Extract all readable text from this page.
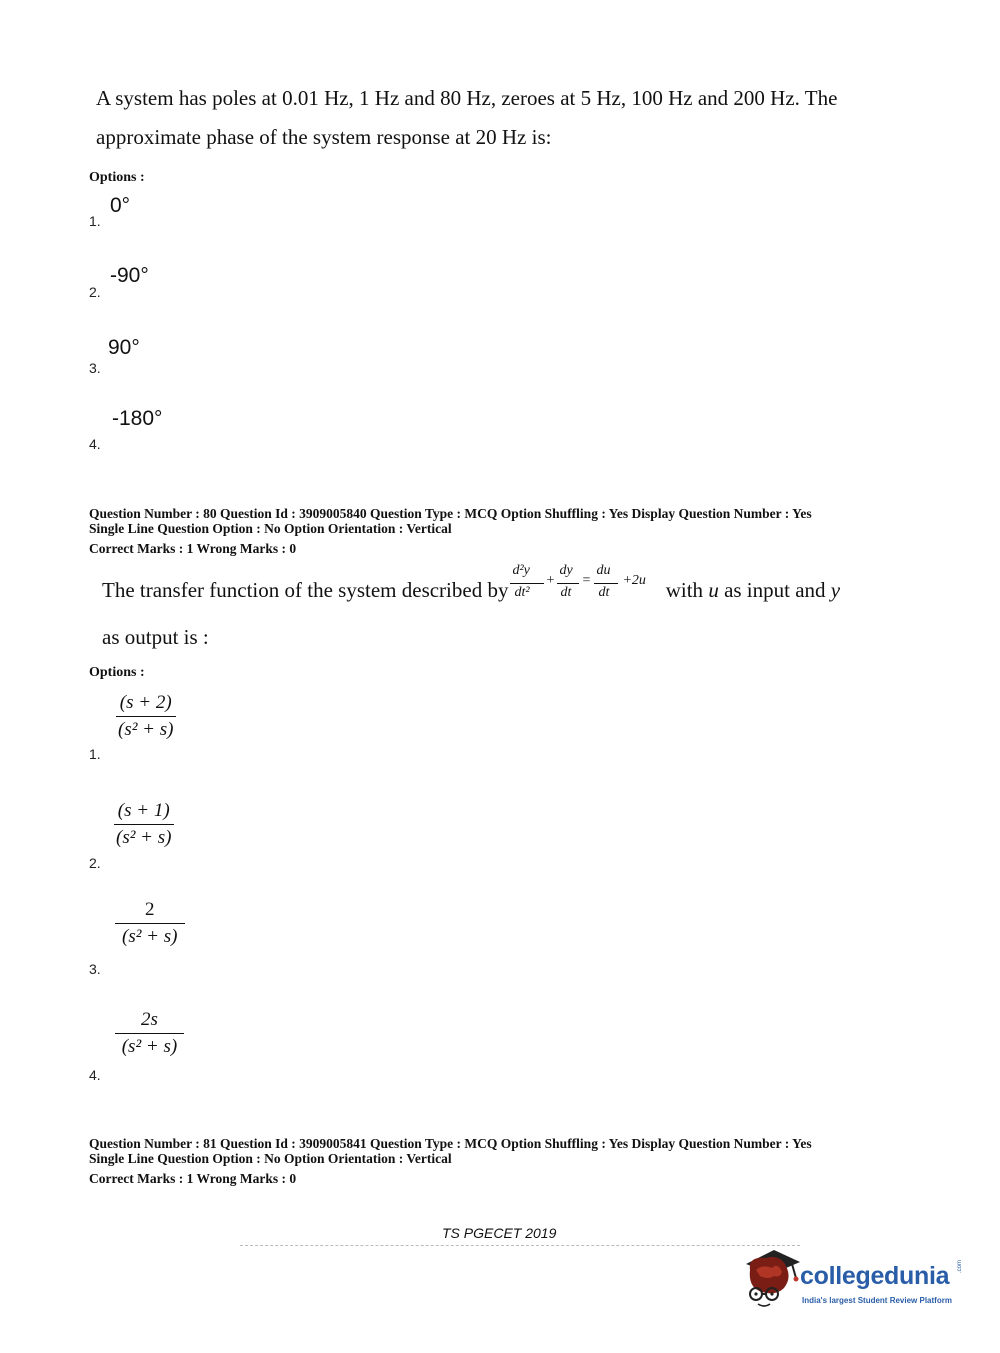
A system has poles at 0.01 Hz, 1 Hz and 80 Hz, zeroes at 5 Hz, 100 Hz and 200 Hz. The
approximate phase of the system response at 20 Hz is:
Options :
0°
1.
-90°
2.
90°
3.
-180°
4.
Question Number : 80 Question Id : 3909005840 Question Type : MCQ Option Shuffling : Yes Display Question Number : Yes
Single Line Question Option : No Option Orientation : Vertical
Correct Marks : 1 Wrong Marks : 0
The transfer function of the system described by
d²y
dt²
+
dy
dt
=
du
dt
+2u with u as input and y
as output is :
Options :
$\frac{(s + 2)}{\text{(s² + s)}}$
1.
$\frac{(s + 1)}{\text{(s² + s)}}$
2.
$\frac{2}{\text{(s² + s)}}$
3.
$\frac{2s}{\text{(s² + s)}}$
4.
Question Number : 81 Question Id : 3909005841 Question Type : MCQ Option Shuffling : Yes Display Question Number : Yes
Single Line Question Option : No Option Orientation : Vertical
Correct Marks : 1 Wrong Marks : 0
TS PGECET 2019
collegedunia .com
India's largest Student Review Platform
